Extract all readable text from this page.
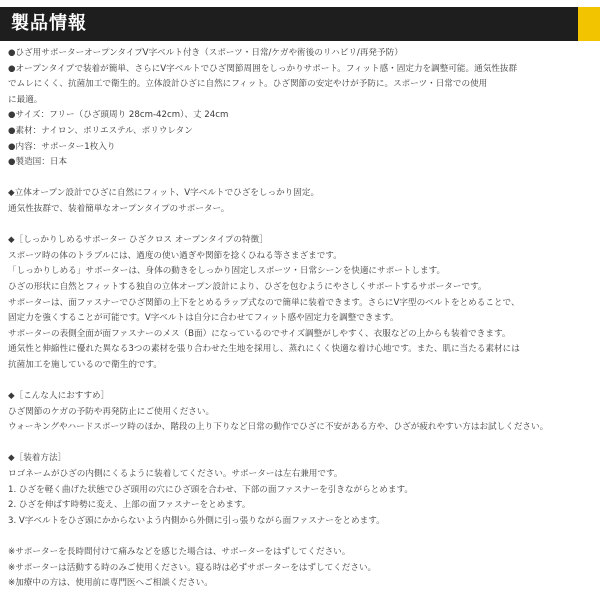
製品情報
●ひざ用サポーターオープンタイプV字ベルト付き（スポーツ・日常/ケガや術後のリハビリ/再発予防）
●オープンタイプで装着が簡単、さらにV字ベルトでひざ関節周囲をしっかりサポート。フィット感・固定力を調整可能。通気性抜群
でムレにくく、抗菌加工で衛生的。立体設計ひざに自然にフィット。ひざ関節の安定やけが予防に。スポーツ・日常での使用
に最適。
●サイズ：フリー（ひざ頭周り 28cm-42cm）、丈 24cm
●素材：ナイロン、ポリエステル、ポリウレタン
●内容：サポーター1枚入り
●製造国：日本
◆立体オープン設計でひざに自然にフィット、V字ベルトでひざをしっかり固定。
通気性抜群で、装着簡単なオープンタイプのサポーター。
◆［しっかりしめるサポーター ひざクロス オープンタイプの特徴］
スポーツ時の体のトラブルには、過度の使い過ぎや関節を捻くひねる等さまざまです。
「しっかりしめる」サポーターは、身体の動きをしっかり固定しスポーツ・日常シーンを快適にサポートします。
ひざの形状に自然とフィットする独自の立体オープン設計により、ひざを包むようにやさしくサポートするサポーターです。
サポーターは、面ファスナーでひざ関節の上下をとめるラップ式なので簡単に装着できます。さらにV字型のベルトをとめることで、
固定力を強くすることが可能です。V字ベルトは自分に合わせてフィット感や固定力を調整できます。
サポーターの表側全面が面ファスナーのメス（B面）になっているのでサイズ調整がしやすく、衣服などの上からも装着できます。
通気性と伸縮性に優れた異なる3つの素材を張り合わせた生地を採用し、蒸れにくく快適な着け心地です。また、肌に当たる素材には
抗菌加工を施しているので衛生的です。
◆［こんな人におすすめ］
ひざ関節のケガの予防や再発防止にご使用ください。
ウォーキングやハードスポーツ時のほか、階段の上り下りなど日常の動作でひざに不安がある方や、ひざが疲れやすい方はお試しください。
◆［装着方法］
ロゴネームがひざの内側にくるように装着してください。サポーターは左右兼用です。
1. ひざを軽く曲げた状態でひざ頭用の穴にひざ頭を合わせ、下部の面ファスナーを引きながらとめます。
2. ひざを伸ばす時勢に変え、上部の面ファスナーをとめます。
3. V字ベルトをひざ頭にかからないよう内側から外側に引っ張りながら面ファスナーをとめます。
※サポーターを長時間付けて痛みなどを感じた場合は、サポーターをはずしてください。
※サポーターは活動する時のみご使用ください。寝る時は必ずサポーターをはずしてください。
※加療中の方は、使用前に専門医へご相談ください。
